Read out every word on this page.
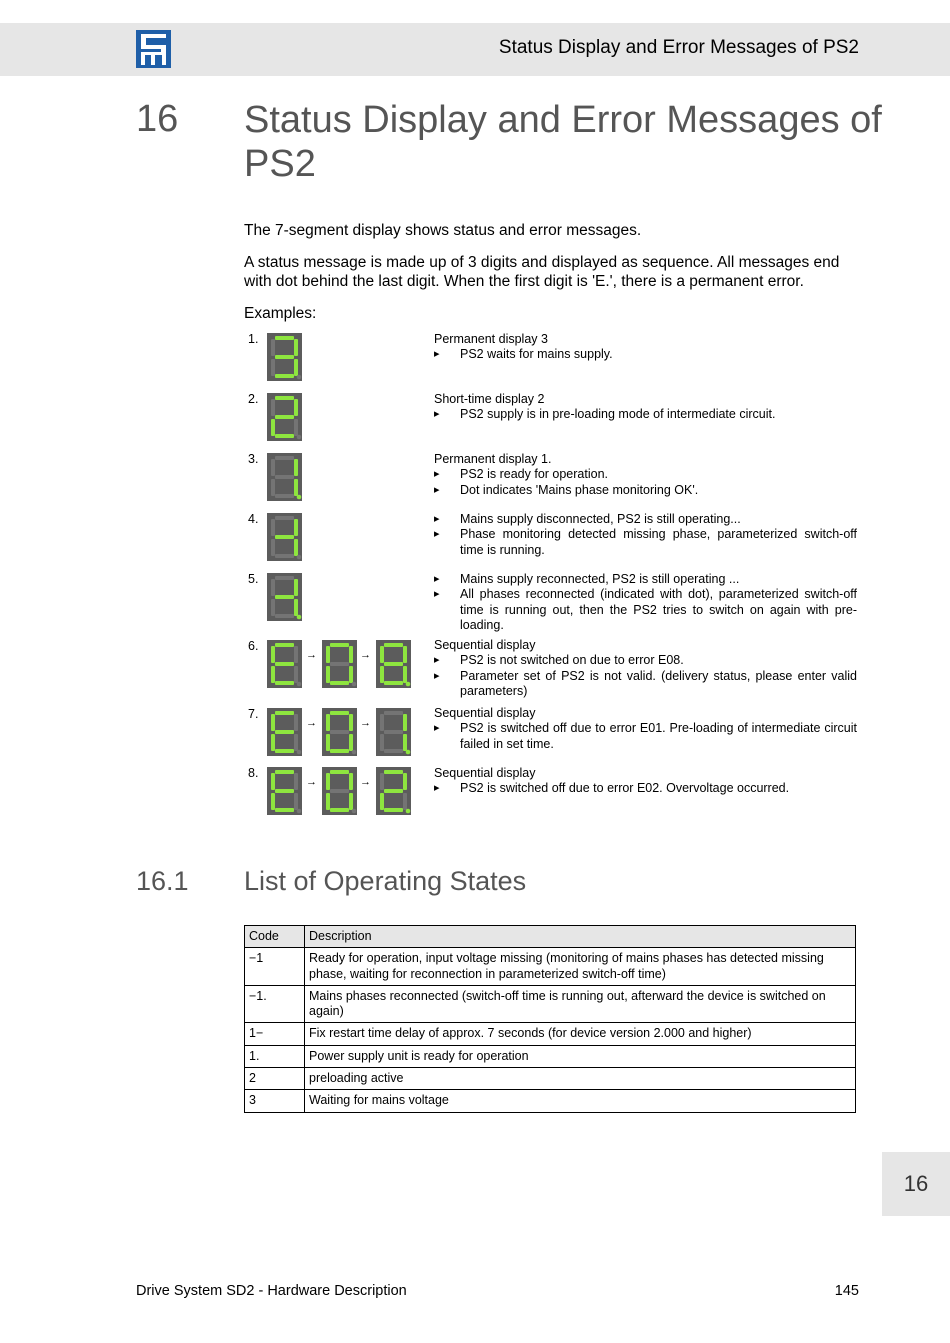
Status Display and Error Messages of PS2
16 Status Display and Error Messages of PS2
The 7-segment display shows status and error messages.
A status message is made up of 3 digits and displayed as sequence. All messages end with dot behind the last digit. When the first digit is 'E.', there is a permanent error.
Examples:
1.	Permanent display 3
▸ PS2 waits for mains supply.
2.	Short-time display 2
▸ PS2 supply is in pre-loading mode of intermediate circuit.
3.	Permanent display 1.
▸ PS2 is ready for operation.
▸ Dot indicates 'Mains phase monitoring OK'.
4.	▸ Mains supply disconnected, PS2 is still operating...
▸ Phase monitoring detected missing phase, parameterized switch-off time is running.
5.	▸ Mains supply reconnected, PS2 is still operating ...
▸ All phases reconnected (indicated with dot), parameterized switch-off time is running out, then the PS2 tries to switch on again with pre-loading.
6.
→	→
Sequential display
▸ PS2 is not switched on due to error E08.
▸ Parameter set of PS2 is not valid. (delivery status, please enter valid parameters)
7.
→	→
Sequential display
▸ PS2 is switched off due to error E01. Pre-loading of intermediate circuit failed in set time.
8.
→	→
Sequential display
▸ PS2 is switched off due to error E02. Overvoltage occurred.
16.1 List of Operating States
Code	Description
−1	Ready for operation, input voltage missing (monitoring of mains phases has detected missing phase, waiting for reconnection in parameterized switch-off time)
−1.	Mains phases reconnected (switch-off time is running out, afterward the device is switched on again)
1−	Fix restart time delay of approx. 7 seconds (for device version 2.000 and higher)
1.	Power supply unit is ready for operation
2	preloading active
3	Waiting for mains voltage
16
Drive System SD2 - Hardware Description	145
